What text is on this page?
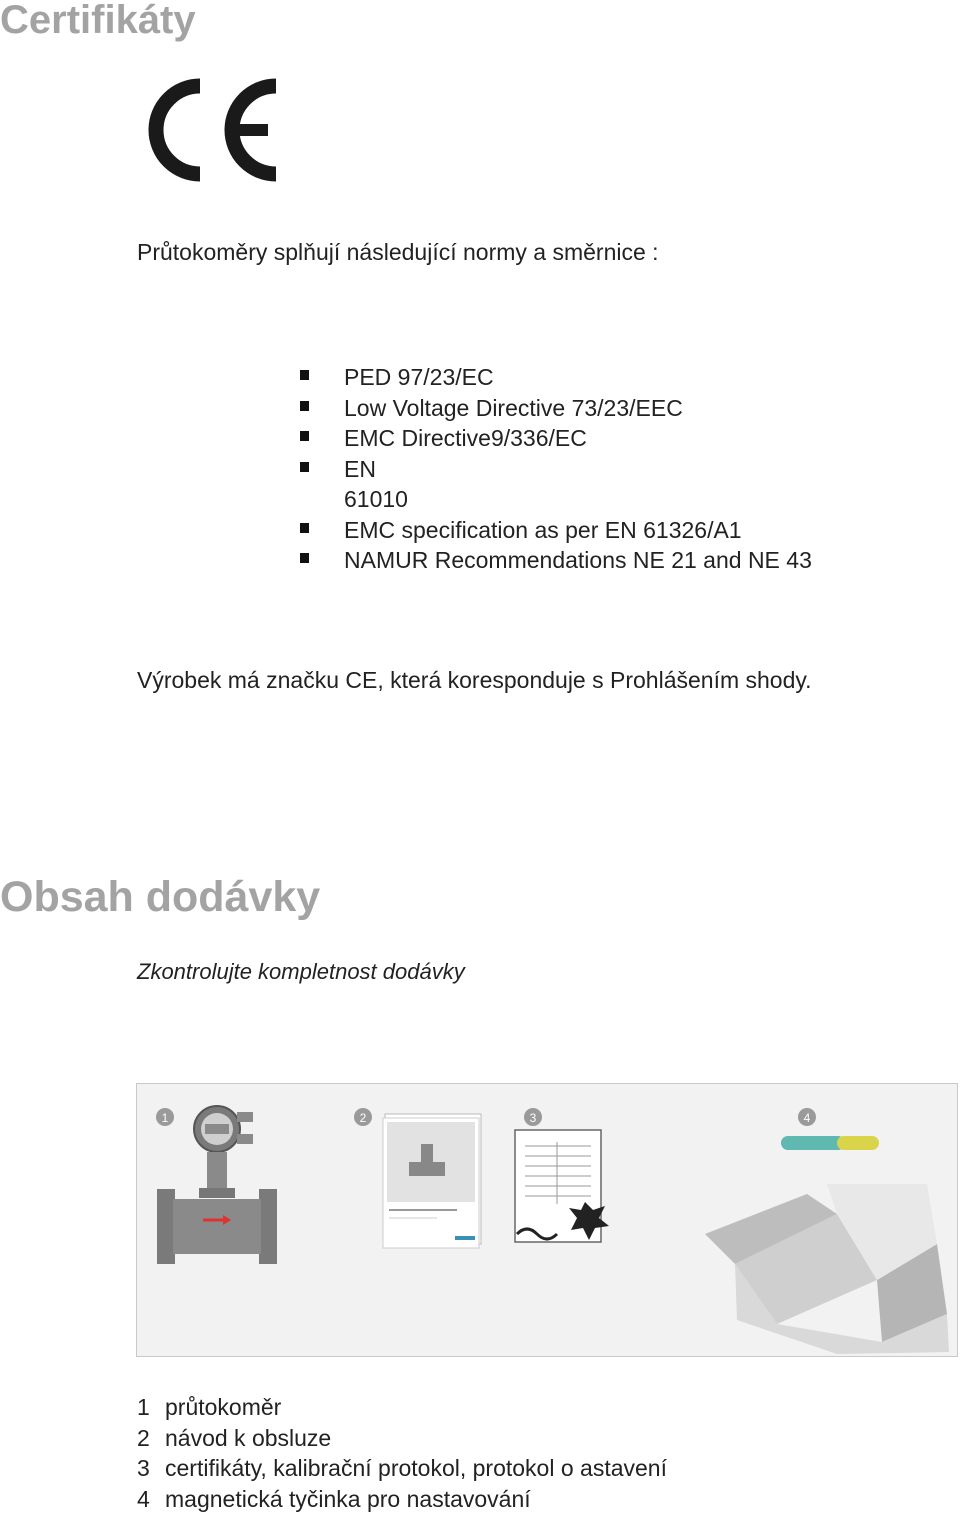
Certifikáty

Průtokoměry splňují následující normy a směrnice :

PED 97/23/EC
Low Voltage Directive 73/23/EEC
EMC Directive9/336/EC
EN
61010
EMC specification as per EN 61326/A1
NAMUR Recommendations NE 21 and NE 43

Výrobek má značku CE, která koresponduje s Prohlášením shody.

Obsah dodávky

Zkontrolujte kompletnost dodávky

1	2	3	4
1 průtokoměr
2 návod k obsluze
3 certifikáty, kalibrační protokol, protokol o astavení
4 magnetická tyčinka pro nastavování
